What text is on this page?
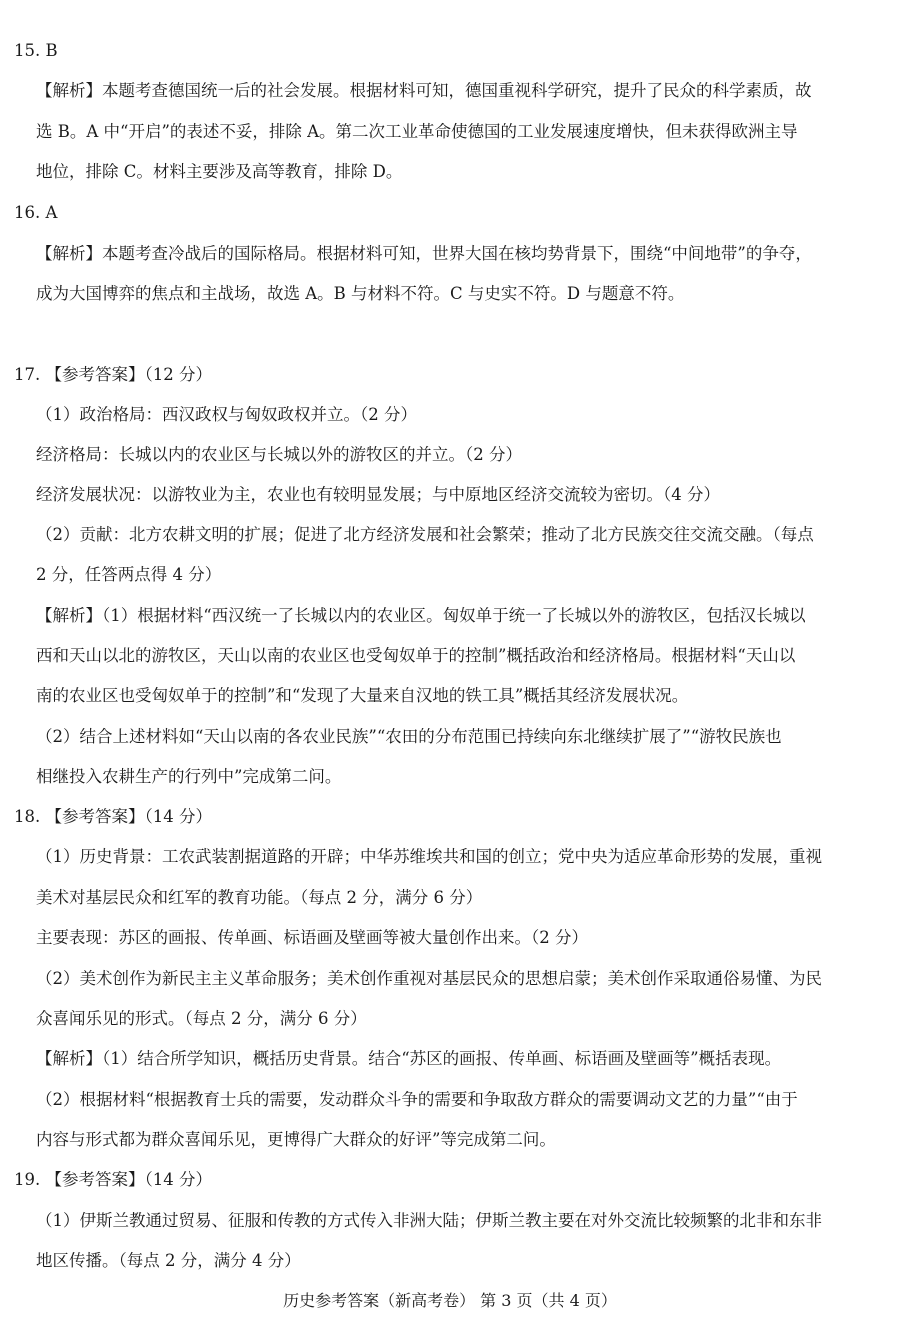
15. B
【解析】本题考查德国统一后的社会发展。根据材料可知，德国重视科学研究，提升了民众的科学素质，故
选 B。A 中“开启”的表述不妥，排除 A。第二次工业革命使德国的工业发展速度增快，但未获得欧洲主导
地位，排除 C。材料主要涉及高等教育，排除 D。
16. A
【解析】本题考查冷战后的国际格局。根据材料可知，世界大国在核均势背景下，围绕“中间地带”的争夺，
成为大国博弈的焦点和主战场，故选 A。B 与材料不符。C 与史实不符。D 与题意不符。
17. 【参考答案】（12 分）
（1）政治格局：西汉政权与匈奴政权并立。（2 分）
经济格局：长城以内的农业区与长城以外的游牧区的并立。（2 分）
经济发展状况：以游牧业为主，农业也有较明显发展；与中原地区经济交流较为密切。（4 分）
（2）贡献：北方农耕文明的扩展；促进了北方经济发展和社会繁荣；推动了北方民族交往交流交融。（每点
2 分，任答两点得 4 分）
【解析】（1）根据材料“西汉统一了长城以内的农业区。匈奴单于统一了长城以外的游牧区，包括汉长城以
西和天山以北的游牧区，天山以南的农业区也受匈奴单于的控制”概括政治和经济格局。根据材料“天山以
南的农业区也受匈奴单于的控制”和“发现了大量来自汉地的铁工具”概括其经济发展状况。
（2）结合上述材料如“天山以南的各农业民族”“农田的分布范围已持续向东北继续扩展了”“游牧民族也
相继投入农耕生产的行列中”完成第二问。
18. 【参考答案】（14 分）
（1）历史背景：工农武装割据道路的开辟；中华苏维埃共和国的创立；党中央为适应革命形势的发展，重视
美术对基层民众和红军的教育功能。（每点 2 分，满分 6 分）
主要表现：苏区的画报、传单画、标语画及壁画等被大量创作出来。（2 分）
（2）美术创作为新民主主义革命服务；美术创作重视对基层民众的思想启蒙；美术创作采取通俗易懂、为民
众喜闻乐见的形式。（每点 2 分，满分 6 分）
【解析】（1）结合所学知识，概括历史背景。结合“苏区的画报、传单画、标语画及壁画等”概括表现。
（2）根据材料“根据教育士兵的需要，发动群众斗争的需要和争取敌方群众的需要调动文艺的力量”“由于
内容与形式都为群众喜闻乐见，更博得广大群众的好评”等完成第二问。
19. 【参考答案】（14 分）
（1）伊斯兰教通过贸易、征服和传教的方式传入非洲大陆；伊斯兰教主要在对外交流比较频繁的北非和东非
地区传播。（每点 2 分，满分 4 分）
历史参考答案（新高考卷） 第 3 页（共 4 页）
